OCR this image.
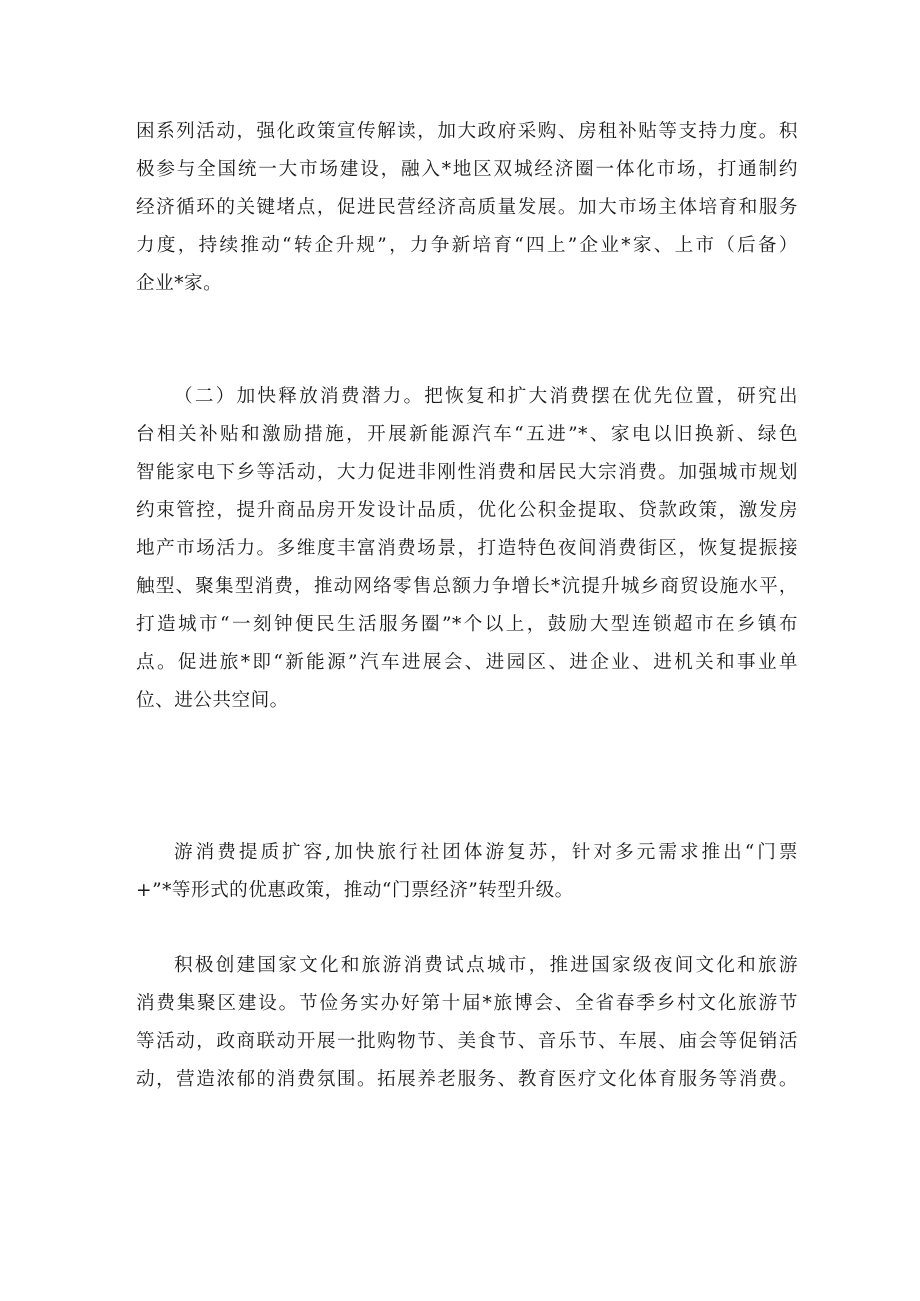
困系列活动，强化政策宣传解读，加大政府采购、房租补贴等支持力度。积
极参与全国统一大市场建设，融入*地区双城经济圈一体化市场，打通制约
经济循环的关键堵点，促进民营经济高质量发展。加大市场主体培育和服务
力度，持续推动“转企升规”，力争新培育“四上”企业*家、上市（后备）
企业*家。
（二）加快释放消费潜力。把恢复和扩大消费摆在优先位置，研究出
台相关补贴和激励措施，开展新能源汽车“五进”*、家电以旧换新、绿色
智能家电下乡等活动，大力促进非刚性消费和居民大宗消费。加强城市规划
约束管控，提升商品房开发设计品质，优化公积金提取、贷款政策，激发房
地产市场活力。多维度丰富消费场景，打造特色夜间消费街区，恢复提振接
触型、聚集型消费，推动网络零售总额力争增长*沆提升城乡商贸设施水平，
打造城市“一刻钟便民生活服务圈”*个以上，鼓励大型连锁超市在乡镇布
点。促进旅*即“新能源”汽车进展会、进园区、进企业、进机关和事业单
位、进公共空间。
游消费提质扩容,加快旅行社团体游复苏，针对多元需求推出“门票
+”*等形式的优惠政策，推动“门票经济”转型升级。
积极创建国家文化和旅游消费试点城市，推进国家级夜间文化和旅游
消费集聚区建设。节俭务实办好第十届*旅博会、全省春季乡村文化旅游节
等活动，政商联动开展一批购物节、美食节、音乐节、车展、庙会等促销活
动，营造浓郁的消费氛围。拓展养老服务、教育医疗文化体育服务等消费。
